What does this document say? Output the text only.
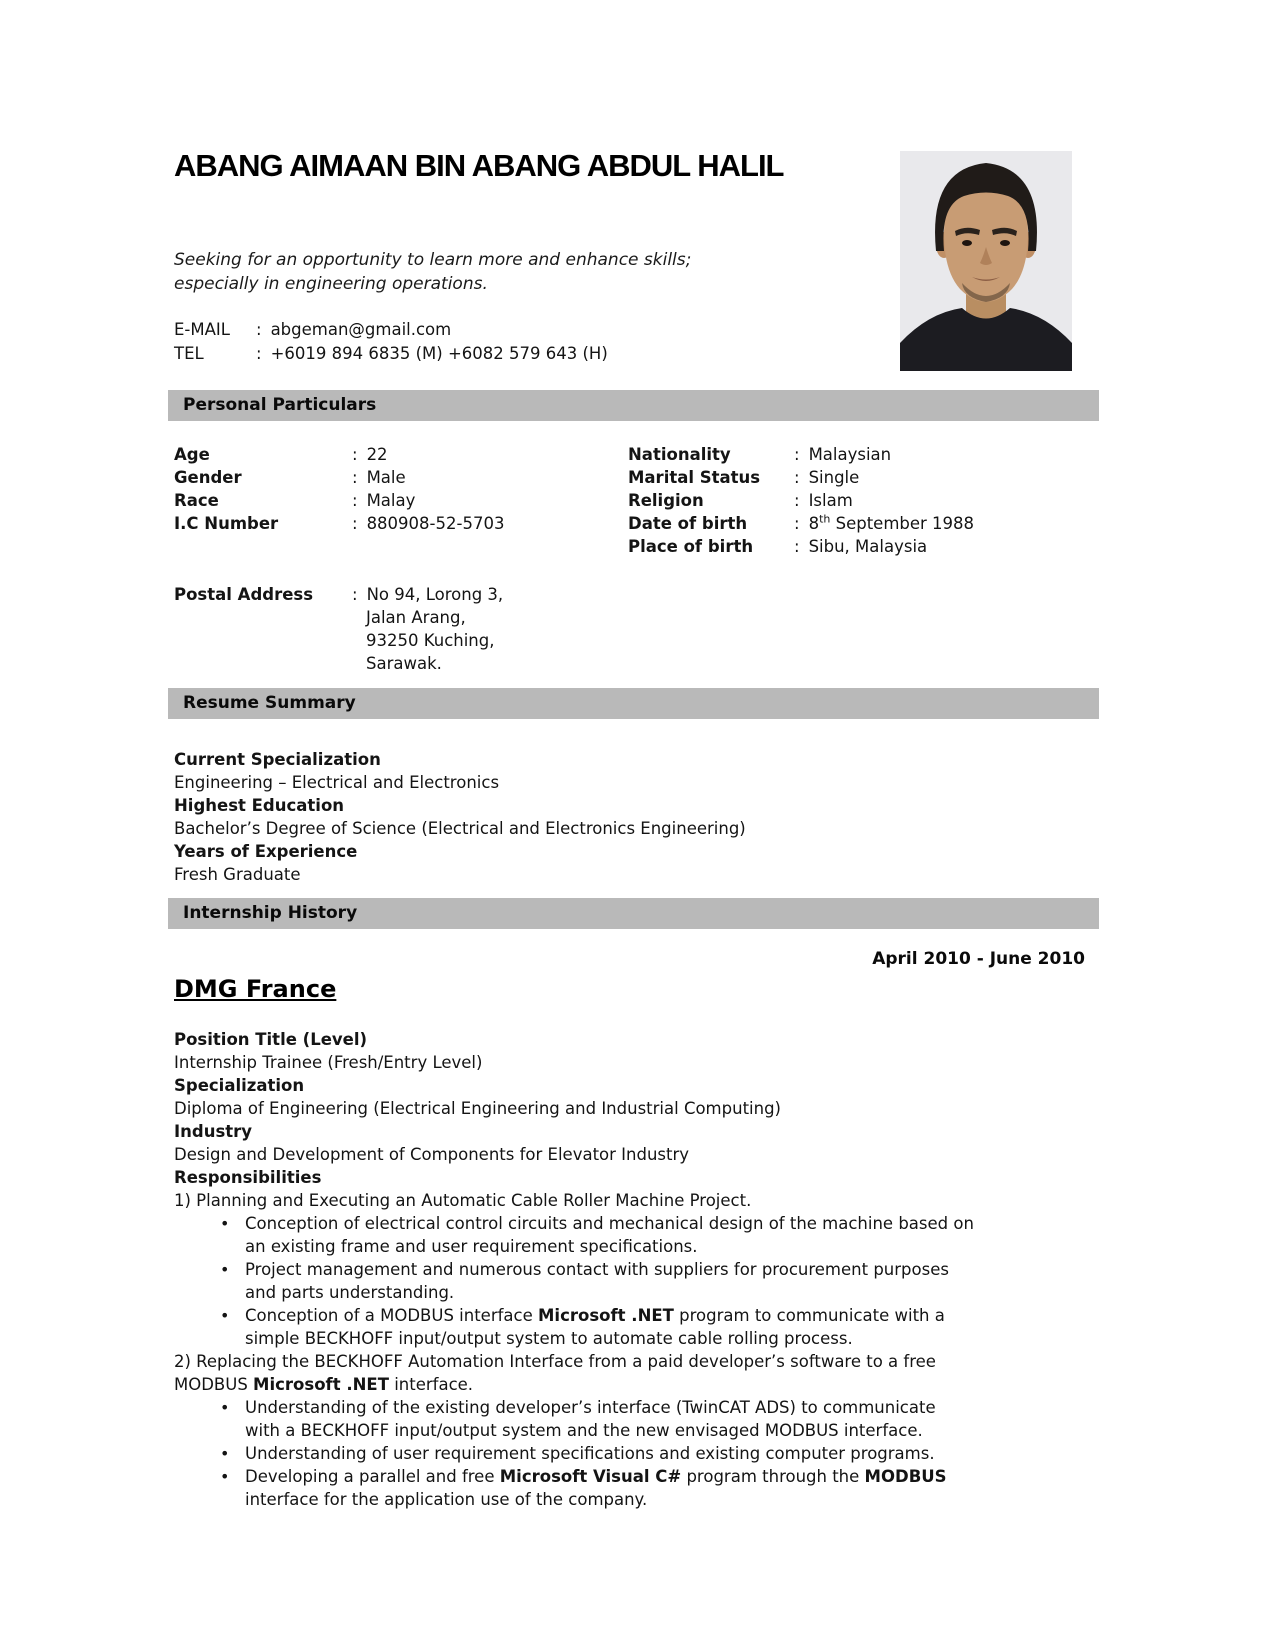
ABANG AIMAAN BIN ABANG ABDUL HALIL
Seeking for an opportunity to learn more and enhance skills;
especially in engineering operations.
E-MAIL	: abgeman@gmail.com
TEL	: +6019 894 6835 (M) +6082 579 643 (H)
Personal Particulars
Age	: 22
Gender	: Male
Race	: Malay
I.C Number	: 880908-52-5703
Nationality	: Malaysian
Marital Status	: Single
Religion	: Islam
Date of birth	: 8th September 1988
Place of birth	: Sibu, Malaysia
Postal Address	: No 94, Lorong 3,
Jalan Arang,
93250 Kuching,
Sarawak.
Resume Summary
Current Specialization
Engineering – Electrical and Electronics
Highest Education
Bachelor’s Degree of Science (Electrical and Electronics Engineering)
Years of Experience
Fresh Graduate
Internship History
April 2010 - June 2010
DMG France
Position Title (Level)
Internship Trainee (Fresh/Entry Level)
Specialization
Diploma of Engineering (Electrical Engineering and Industrial Computing)
Industry
Design and Development of Components for Elevator Industry
Responsibilities

1) Planning and Executing an Automatic Cable Roller Machine Project.

• Conception of electrical control circuits and mechanical design of the machine based on
an existing frame and user requirement specifications.
• Project management and numerous contact with suppliers for procurement purposes
and parts understanding.
• Conception of a MODBUS interface Microsoft .NET program to communicate with a
simple BECKHOFF input/output system to automate cable rolling process.

2) Replacing the BECKHOFF Automation Interface from a paid developer’s software to a free
MODBUS Microsoft .NET interface.

• Understanding of the existing developer’s interface (TwinCAT ADS) to communicate
with a BECKHOFF input/output system and the new envisaged MODBUS interface.
• Understanding of user requirement specifications and existing computer programs.
• Developing a parallel and free Microsoft Visual C# program through the MODBUS
interface for the application use of the company.
